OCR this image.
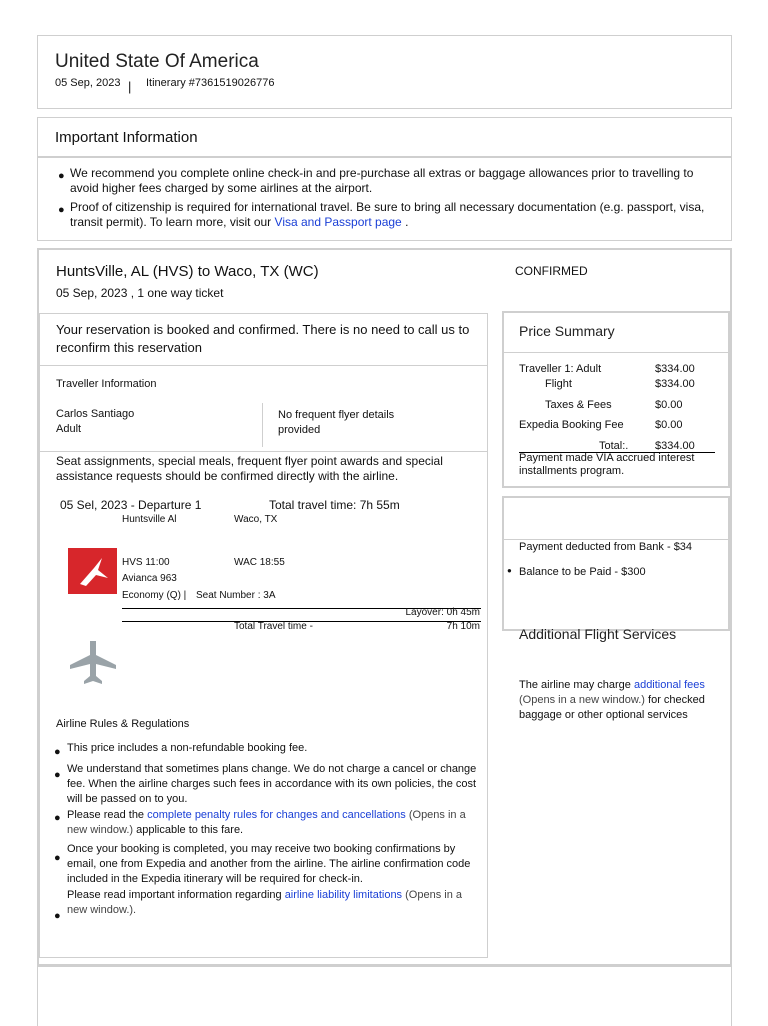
United State Of America
05 Sep, 2023 | Itinerary #7361519026776
Important Information
● We recommend you complete online check-in and pre-purchase all extras or baggage allowances prior to travelling to avoid higher fees charged by some airlines at the airport.
● Proof of citizenship is required for international travel. Be sure to bring all necessary documentation (e.g. passport, visa, transit permit). To learn more, visit our Visa and Passport page .
HuntsVille, AL (HVS) to Waco, TX (WC)
05 Sep, 2023 , 1 one way ticket
CONFIRMED
Your reservation is booked and confirmed. There is no need to call us to reconfirm this reservation
Traveller Information
Carlos Santiago
Adult
No frequent flyer details provided
Seat assignments, special meals, frequent flyer point awards and special assistance requests should be confirmed directly with the airline.
05 Sel, 2023 - Departure 1	Total travel time: 7h 55m
Huntsville Al	Waco, TX
HVS 11:00	WAC 18:55
Avianca 963
Economy (Q) | Seat Number : 3A
Layover: 0h 45m
Total Travel time -	7h 10m
Airline Rules & Regulations
● This price includes a non-refundable booking fee.
● We understand that sometimes plans change. We do not charge a cancel or change fee. When the airline charges such fees in accordance with its own policies, the cost will be passed on to you.
● Please read the complete penalty rules for changes and cancellations (Opens in a new window.) applicable to this fare.
●
Once your booking is completed, you may receive two booking confirmations by email, one from Expedia and another from the airline. The airline confirmation code included in the Expedia itinerary will be required for check-in.
●
Please read important information regarding airline liability limitations (Opens in a new window.).
Price Summary
Traveller 1: Adult	$334.00
Flight	$334.00
Taxes & Fees	$0.00
Expedia Booking Fee	$0.00
Total:. $334.00
Payment made VIA accrued interest installments program.
Payment deducted from Bank - $34
● Balance to be Paid - $300
Additional Flight Services
The airline may charge additional fees (Opens in a new window.) for checked baggage or other optional services
